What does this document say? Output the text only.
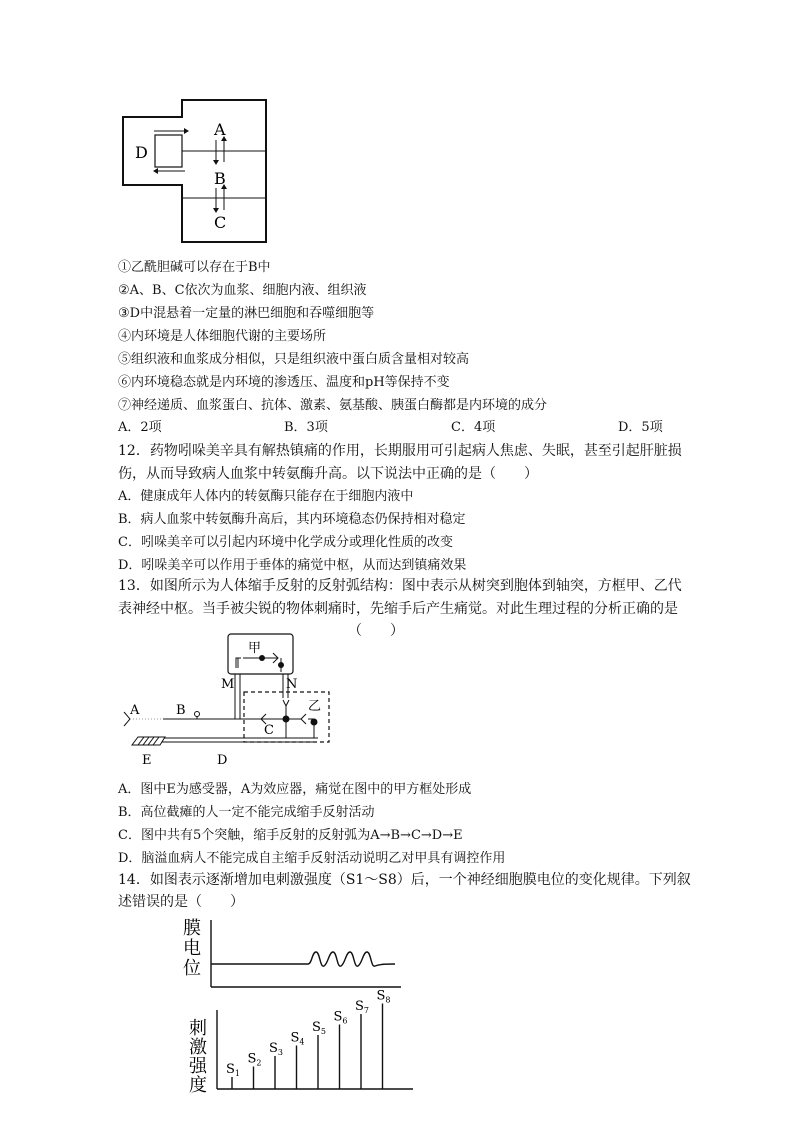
A
B
C
D
①乙酰胆碱可以存在于B中
②A、B、C依次为血浆、细胞内液、组织液
③D中混悬着一定量的淋巴细胞和吞噬细胞等
④内环境是人体细胞代谢的主要场所
⑤组织液和血浆成分相似，只是组织液中蛋白质含量相对较高
⑥内环境稳态就是内环境的渗透压、温度和pH等保持不变
⑦神经递质、血浆蛋白、抗体、激素、氨基酸、胰蛋白酶都是内环境的成分
A．2项	B．3项	C．4项	D．5项
12．药物吲哚美辛具有解热镇痛的作用，长期服用可引起病人焦虑、失眠，甚至引起肝脏损
伤，从而导致病人血浆中转氨酶升高。以下说法中正确的是（　　）
A．健康成年人体内的转氨酶只能存在于细胞内液中
B．病人血浆中转氨酶升高后，其内环境稳态仍保持相对稳定
C．吲哚美辛可以引起内环境中化学成分或理化性质的改变
D．吲哚美辛可以作用于垂体的痛觉中枢，从而达到镇痛效果
13．如图所示为人体缩手反射的反射弧结构：图中表示从树突到胞体到轴突，方框甲、乙代
表神经中枢。当手被尖锐的物体刺痛时，先缩手后产生痛觉。对此生理过程的分析正确的是
（　　）
甲
M	N
乙
C
A	B
E	D
A．图中E为感受器，A为效应器，痛觉在图中的甲方框处形成
B．高位截瘫的人一定不能完成缩手反射活动
C．图中共有5个突触，缩手反射的反射弧为A→B→C→D→E
D．脑溢血病人不能完成自主缩手反射活动说明乙对甲具有调控作用
14．如图表示逐渐增加电刺激强度（S1～S8）后，一个神经细胞膜电位的变化规律。下列叙
述错误的是（　　）
膜
电
位
刺
激
强
度
$S_1$
$S_2$
$S_3$
$S_4$
$S_5$
$S_6$
$S_7$
$S_8$
